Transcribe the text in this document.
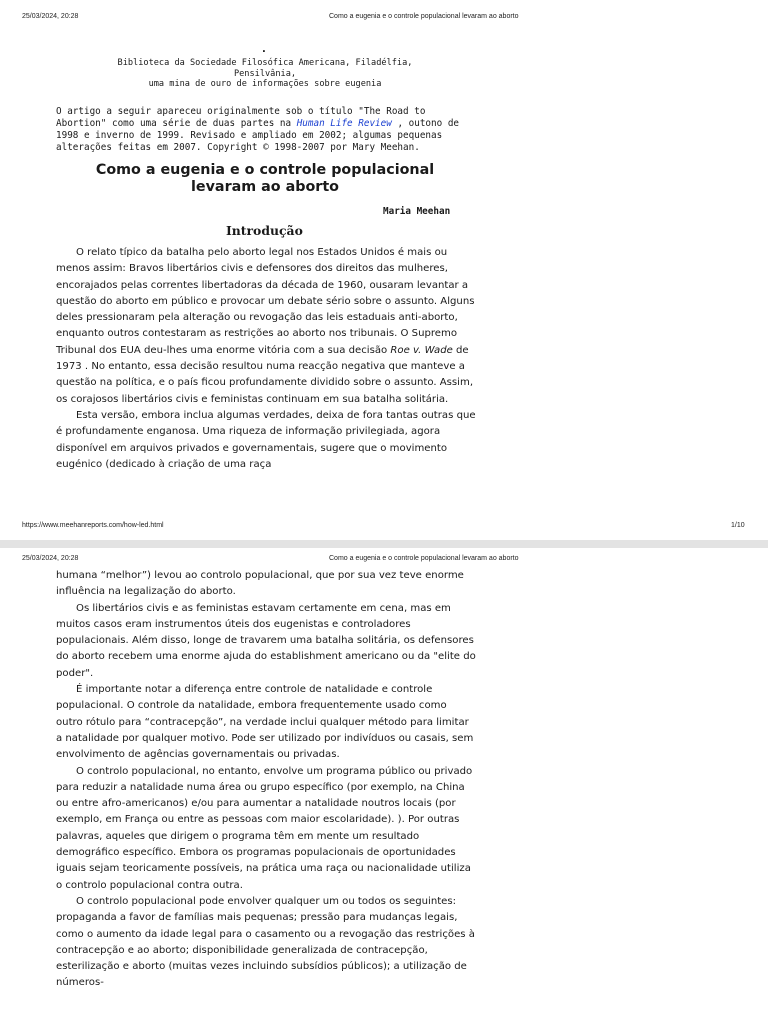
25/03/2024, 20:28	Como a eugenia e o controle populacional levaram ao aborto
.
Biblioteca da Sociedade Filosófica Americana, Filadélfia, Pensilvânia,
uma mina de ouro de informações sobre eugenia
O artigo a seguir apareceu originalmente sob o título "The Road to Abortion" como uma série de duas partes na Human Life Review , outono de 1998 e inverno de 1999. Revisado e ampliado em 2002; algumas pequenas alterações feitas em 2007. Copyright © 1998-2007 por Mary Meehan.
Como a eugenia e o controle populacional
levaram ao aborto
Maria Meehan
Introdução

O relato típico da batalha pelo aborto legal nos Estados Unidos é mais ou menos assim: Bravos libertários civis e defensores dos direitos das mulheres, encorajados pelas correntes libertadoras da década de 1960, ousaram levantar a questão do aborto em público e provocar um debate sério sobre o assunto. Alguns deles pressionaram pela alteração ou revogação das leis estaduais anti-aborto, enquanto outros contestaram as restrições ao aborto nos tribunais. O Supremo Tribunal dos EUA deu-lhes uma enorme vitória com a sua decisão Roe v. Wade de 1973 . No entanto, essa decisão resultou numa reacção negativa que manteve a questão na política, e o país ficou profundamente dividido sobre o assunto. Assim, os corajosos libertários civis e feministas continuam em sua batalha solitária.

Esta versão, embora inclua algumas verdades, deixa de fora tantas outras que é profundamente enganosa. Uma riqueza de informação privilegiada, agora disponível em arquivos privados e governamentais, sugere que o movimento eugénico (dedicado à criação de uma raça

https://www.meehanreports.com/how-led.html	1/10
25/03/2024, 20:28	Como a eugenia e o controle populacional levaram ao aborto

humana “melhor”) levou ao controlo populacional, que por sua vez teve enorme influência na legalização do aborto.

Os libertários civis e as feministas estavam certamente em cena, mas em muitos casos eram instrumentos úteis dos eugenistas e controladores populacionais. Além disso, longe de travarem uma batalha solitária, os defensores do aborto recebem uma enorme ajuda do establishment americano ou da "elite do poder".

É importante notar a diferença entre controle de natalidade e controle populacional. O controle da natalidade, embora frequentemente usado como outro rótulo para “contracepção”, na verdade inclui qualquer método para limitar a natalidade por qualquer motivo. Pode ser utilizado por indivíduos ou casais, sem envolvimento de agências governamentais ou privadas.

O controlo populacional, no entanto, envolve um programa público ou privado para reduzir a natalidade numa área ou grupo específico (por exemplo, na China ou entre afro-americanos) e/ou para aumentar a natalidade noutros locais (por exemplo, em França ou entre as pessoas com maior escolaridade). ). Por outras palavras, aqueles que dirigem o programa têm em mente um resultado demográfico específico. Embora os programas populacionais de oportunidades iguais sejam teoricamente possíveis, na prática uma raça ou nacionalidade utiliza o controlo populacional contra outra.

O controlo populacional pode envolver qualquer um ou todos os seguintes: propaganda a favor de famílias mais pequenas; pressão para mudanças legais, como o aumento da idade legal para o casamento ou a revogação das restrições à contracepção e ao aborto; disponibilidade generalizada de contracepção, esterilização e aborto (muitas vezes incluindo subsídios públicos); a utilização de números-
